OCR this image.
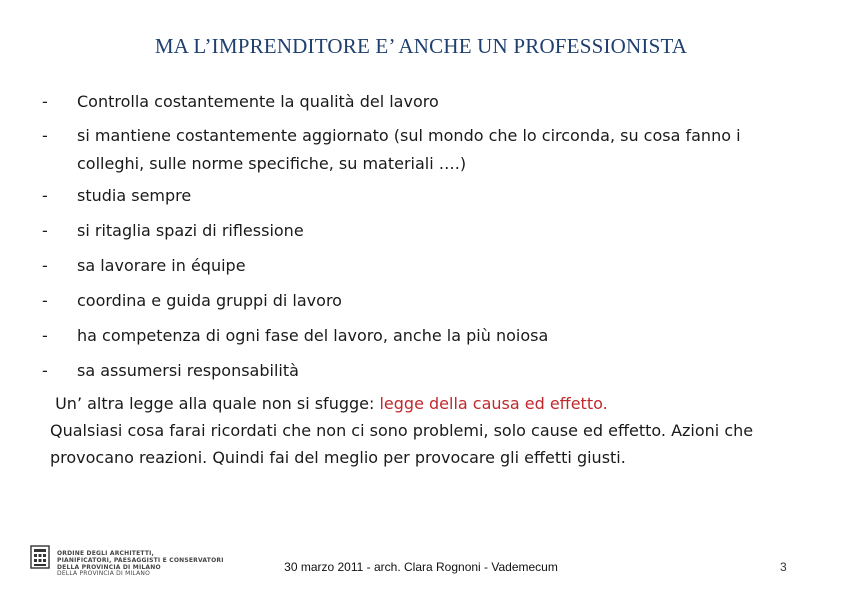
MA L’IMPRENDITORE E’ ANCHE UN PROFESSIONISTA
-	Controlla costantemente la qualità del lavoro
-	si mantiene costantemente aggiornato (sul mondo che lo circonda, su cosa fanno i
colleghi, sulle norme specifiche, su materiali ….)
-	studia sempre
-	si ritaglia spazi di riflessione
-	sa lavorare in équipe
-	coordina e guida gruppi di lavoro
-	ha competenza di ogni fase del lavoro, anche la più noiosa
-	sa assumersi responsabilità
Un’ altra legge alla quale non si sfugge: legge della causa ed effetto.
Qualsiasi cosa farai ricordati che non ci sono problemi, solo cause ed effetto. Azioni che
provocano reazioni. Quindi fai del meglio per provocare gli effetti giusti.
ORDINE DEGLI ARCHITETTI,
PIANIFICATORI, PAESAGGISTI E CONSERVATORI
DELLA PROVINCIA DI MILANO
DELLA PROVINCIA DI MILANO	30 marzo 2011 - arch. Clara Rognoni - Vademecum	3
